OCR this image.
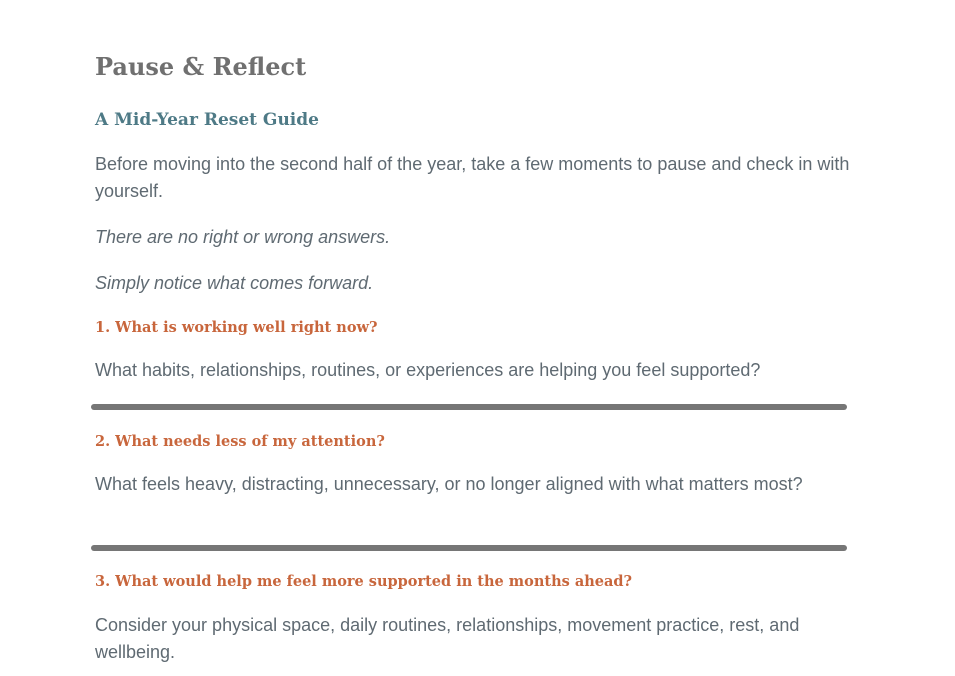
Pause & Reflect
A Mid-Year Reset Guide

Before moving into the second half of the year, take a few moments to pause and check in with yourself.

There are no right or wrong answers.

Simply notice what comes forward.

1. What is working well right now?

What habits, relationships, routines, or experiences are helping you feel supported?

2. What needs less of my attention?

What feels heavy, distracting, unnecessary, or no longer aligned with what matters most?

3. What would help me feel more supported in the months ahead?

Consider your physical space, daily routines, relationships, movement practice, rest, and wellbeing.
